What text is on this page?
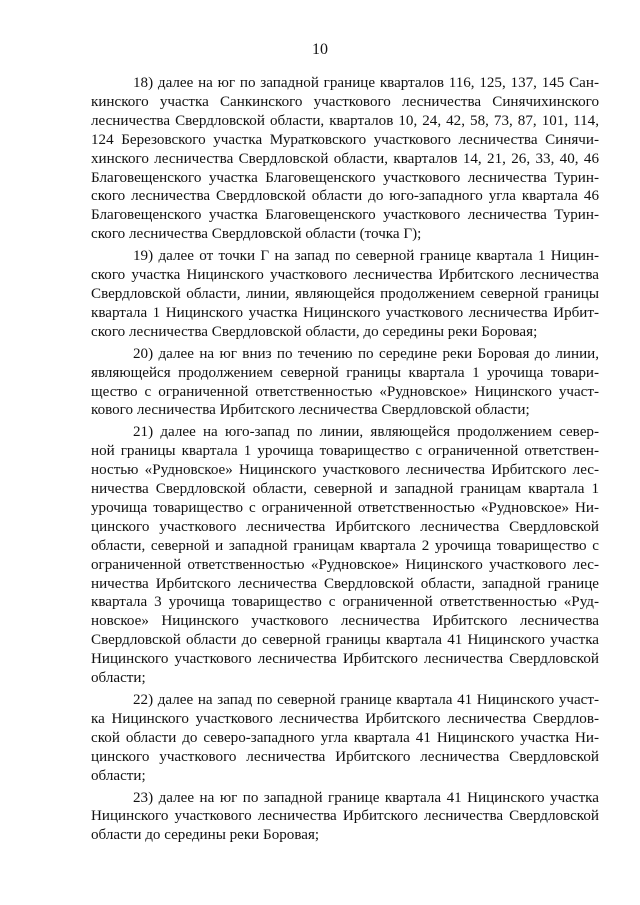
10
18) далее на юг по западной границе кварталов 116, 125, 137, 145 Сан-
кинского участка Санкинского участкового лесничества Синячихинского
лесничества Свердловской области, кварталов 10, 24, 42, 58, 73, 87, 101, 114,
124 Березовского участка Муратковского участкового лесничества Синячи-
хинского лесничества Свердловской области, кварталов 14, 21, 26, 33, 40, 46
Благовещенского участка Благовещенского участкового лесничества Турин-
ского лесничества Свердловской области до юго-западного угла квартала 46
Благовещенского участка Благовещенского участкового лесничества Турин-
ского лесничества Свердловской области (точка Г);
19) далее от точки Г на запад по северной границе квартала 1 Ницин-
ского участка Ницинского участкового лесничества Ирбитского лесничества
Свердловской области, линии, являющейся продолжением северной границы
квартала 1 Ницинского участка Ницинского участкового лесничества Ирбит-
ского лесничества Свердловской области, до середины реки Боровая;
20) далее на юг вниз по течению по середине реки Боровая до линии,
являющейся продолжением северной границы квартала 1 урочища товари-
щество с ограниченной ответственностью «Рудновское» Ницинского участ-
кового лесничества Ирбитского лесничества Свердловской области;
21) далее на юго-запад по линии, являющейся продолжением север-
ной границы квартала 1 урочища товарищество с ограниченной ответствен-
ностью «Рудновское» Ницинского участкового лесничества Ирбитского лес-
ничества Свердловской области, северной и западной границам квартала 1
урочища товарищество с ограниченной ответственностью «Рудновское» Ни-
цинского участкового лесничества Ирбитского лесничества Свердловской
области, северной и западной границам квартала 2 урочища товарищество с
ограниченной ответственностью «Рудновское» Ницинского участкового лес-
ничества Ирбитского лесничества Свердловской области, западной границе
квартала 3 урочища товарищество с ограниченной ответственностью «Руд-
новское» Ницинского участкового лесничества Ирбитского лесничества
Свердловской области до северной границы квартала 41 Ницинского участка
Ницинского участкового лесничества Ирбитского лесничества Свердловской
области;
22) далее на запад по северной границе квартала 41 Ницинского участ-
ка Ницинского участкового лесничества Ирбитского лесничества Свердлов-
ской области до северо-западного угла квартала 41 Ницинского участка Ни-
цинского участкового лесничества Ирбитского лесничества Свердловской
области;
23) далее на юг по западной границе квартала 41 Ницинского участка
Ницинского участкового лесничества Ирбитского лесничества Свердловской
области до середины реки Боровая;
